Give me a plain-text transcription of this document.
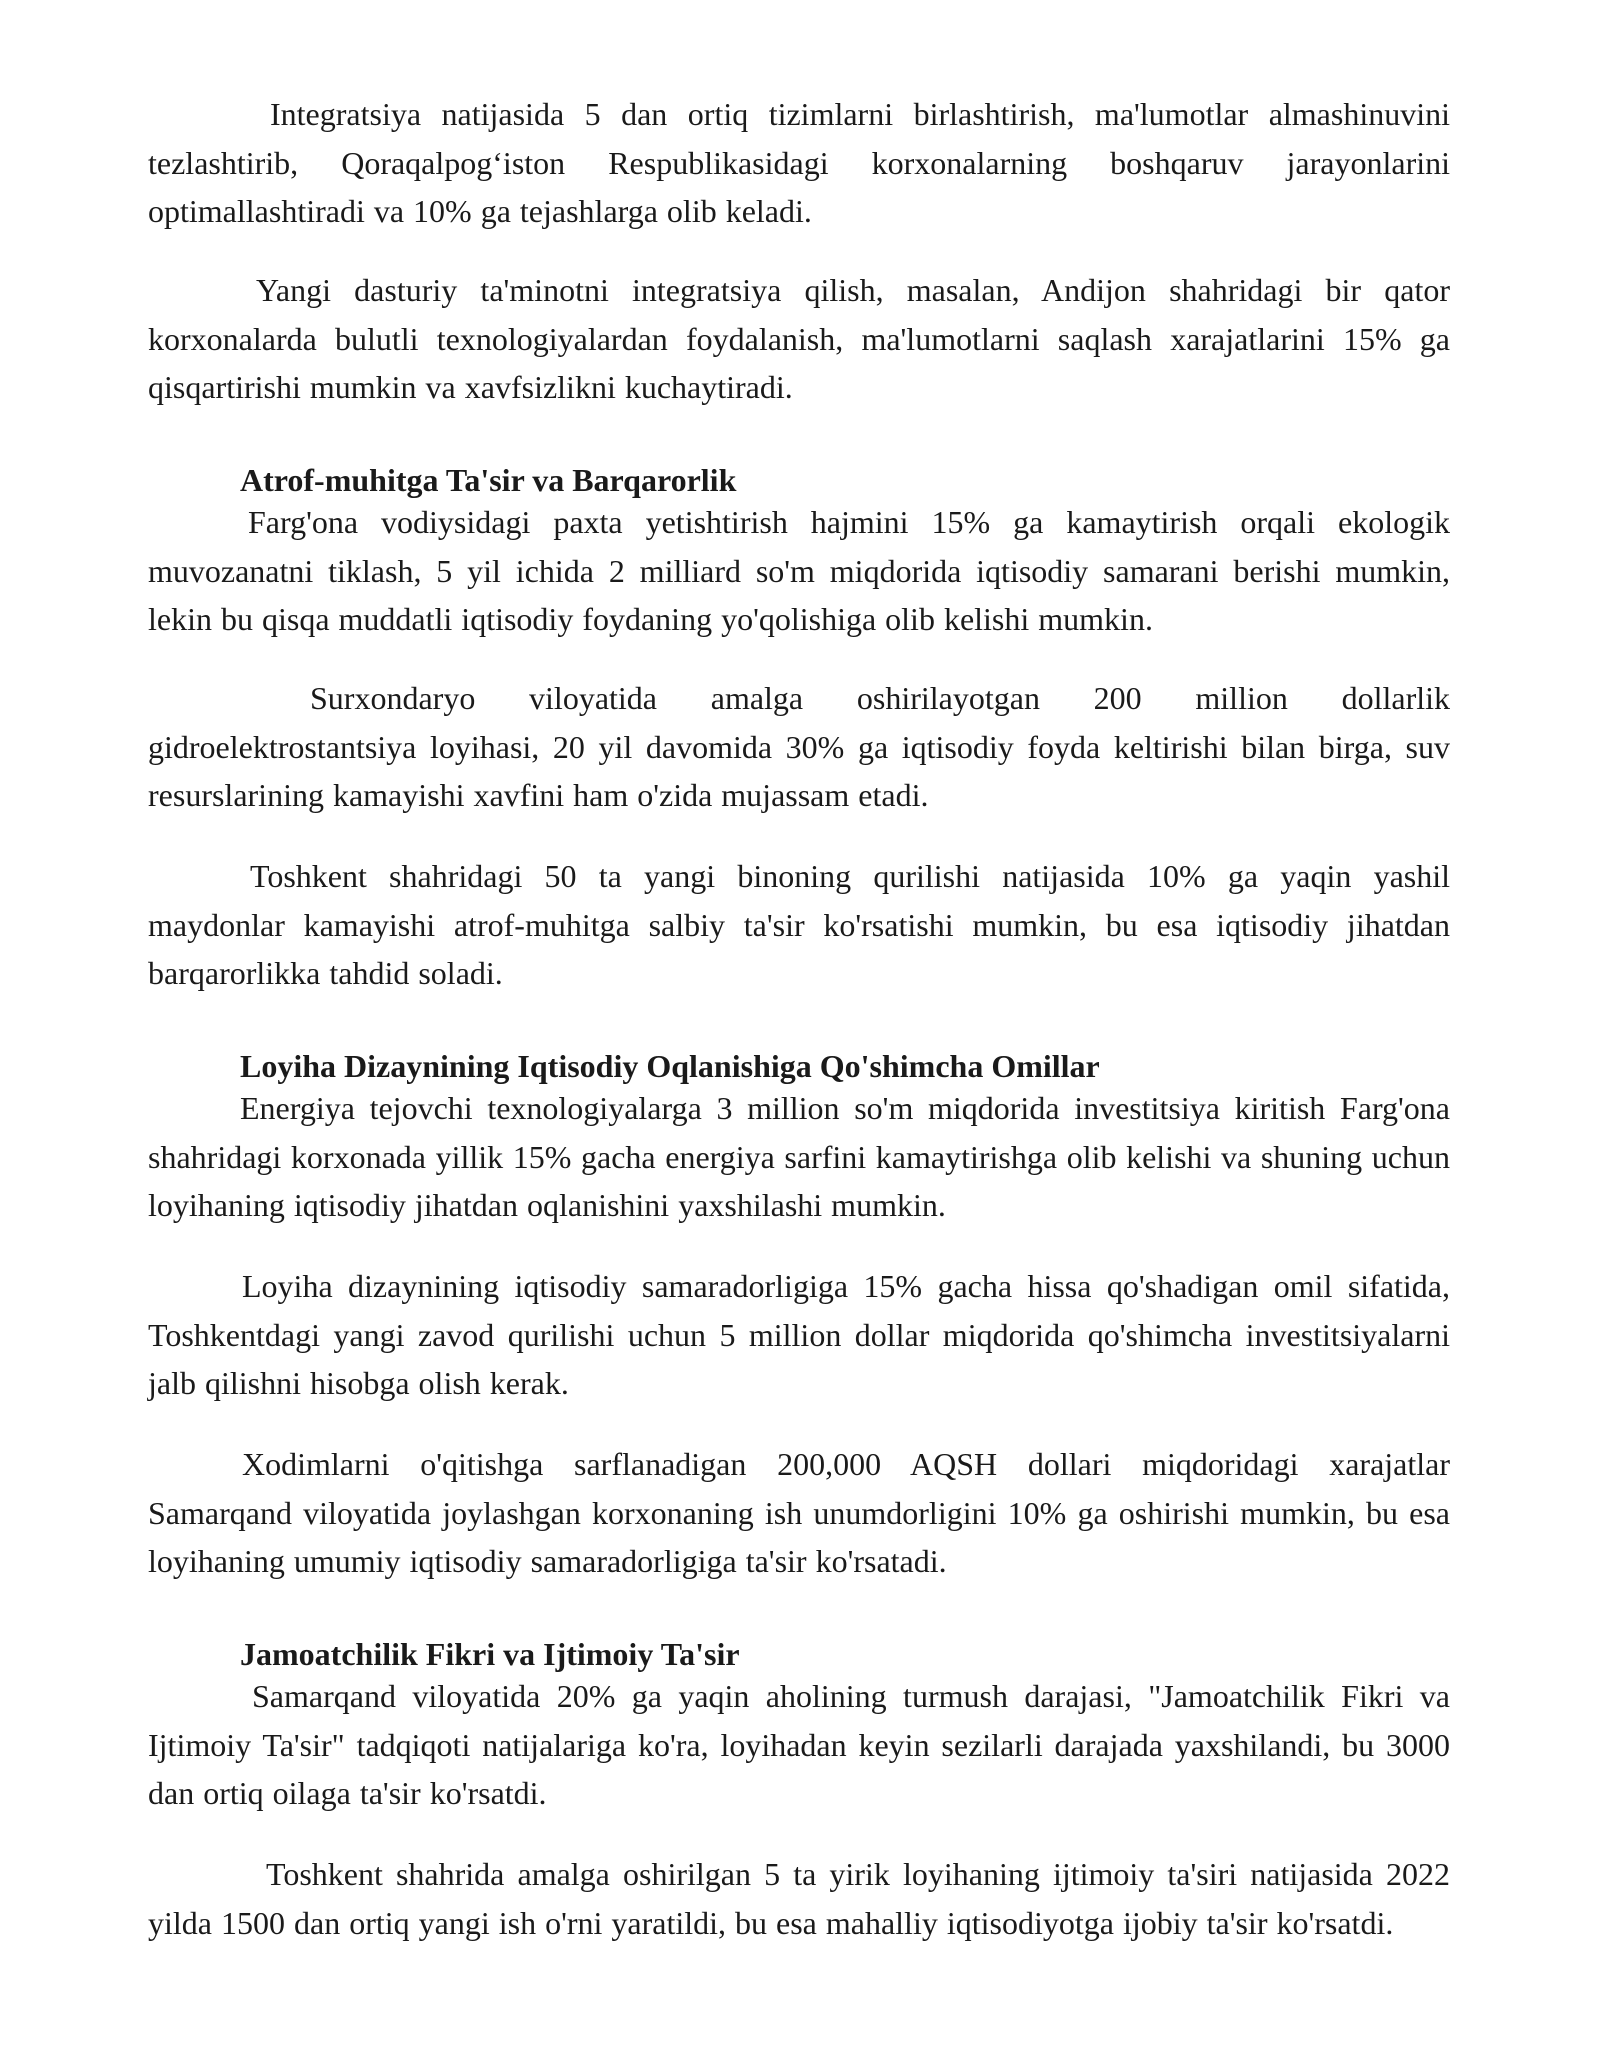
Integratsiya natijasida 5 dan ortiq tizimlarni birlashtirish, ma'lumotlar almashinuvini tezlashtirib, Qoraqalpog‘iston Respublikasidagi korxonalarning boshqaruv jarayonlarini optimallashtiradi va 10% ga tejashlarga olib keladi.

Yangi dasturiy ta'minotni integratsiya qilish, masalan, Andijon shahridagi bir qator korxonalarda bulutli texnologiyalardan foydalanish, ma'lumotlarni saqlash xarajatlarini 15% ga qisqartirishi mumkin va xavfsizlikni kuchaytiradi.

Atrof-muhitga Ta'sir va Barqarorlik

Farg'ona vodiysidagi paxta yetishtirish hajmini 15% ga kamaytirish orqali ekologik muvozanatni tiklash, 5 yil ichida 2 milliard so'm miqdorida iqtisodiy samarani berishi mumkin, lekin bu qisqa muddatli iqtisodiy foydaning yo'qolishiga olib kelishi mumkin.

Surxondaryo viloyatida amalga oshirilayotgan 200 million dollarlik gidroelektrostantsiya loyihasi, 20 yil davomida 30% ga iqtisodiy foyda keltirishi bilan birga, suv resurslarining kamayishi xavfini ham o'zida mujassam etadi.

Toshkent shahridagi 50 ta yangi binoning qurilishi natijasida 10% ga yaqin yashil maydonlar kamayishi atrof-muhitga salbiy ta'sir ko'rsatishi mumkin, bu esa iqtisodiy jihatdan barqarorlikka tahdid soladi.

Loyiha Dizaynining Iqtisodiy Oqlanishiga Qo'shimcha Omillar

Energiya tejovchi texnologiyalarga 3 million so'm miqdorida investitsiya kiritish Farg'ona shahridagi korxonada yillik 15% gacha energiya sarfini kamaytirishga olib kelishi va shuning uchun loyihaning iqtisodiy jihatdan oqlanishini yaxshilashi mumkin.

Loyiha dizaynining iqtisodiy samaradorligiga 15% gacha hissa qo'shadigan omil sifatida, Toshkentdagi yangi zavod qurilishi uchun 5 million dollar miqdorida qo'shimcha investitsiyalarni jalb qilishni hisobga olish kerak.

Xodimlarni o'qitishga sarflanadigan 200,000 AQSH dollari miqdoridagi xarajatlar Samarqand viloyatida joylashgan korxonaning ish unumdorligini 10% ga oshirishi mumkin, bu esa loyihaning umumiy iqtisodiy samaradorligiga ta'sir ko'rsatadi.

Jamoatchilik Fikri va Ijtimoiy Ta'sir

Samarqand viloyatida 20% ga yaqin aholining turmush darajasi, "Jamoatchilik Fikri va Ijtimoiy Ta'sir" tadqiqoti natijalariga ko'ra, loyihadan keyin sezilarli darajada yaxshilandi, bu 3000 dan ortiq oilaga ta'sir ko'rsatdi.

Toshkent shahrida amalga oshirilgan 5 ta yirik loyihaning ijtimoiy ta'siri natijasida 2022 yilda 1500 dan ortiq yangi ish o'rni yaratildi, bu esa mahalliy iqtisodiyotga ijobiy ta'sir ko'rsatdi.
